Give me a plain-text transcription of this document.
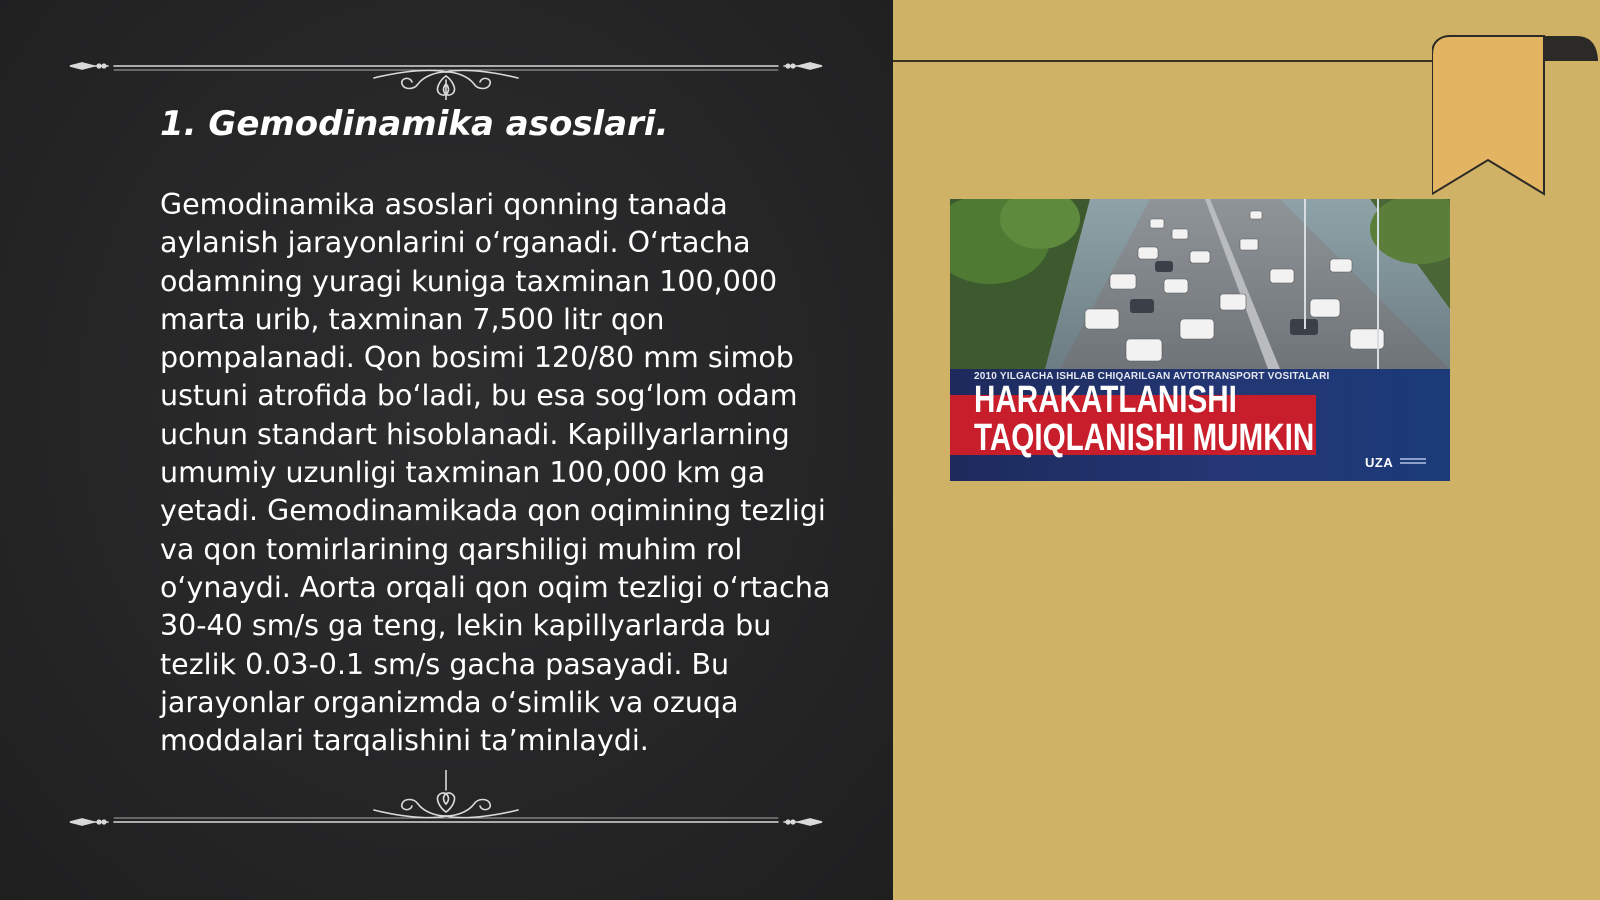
1. Gemodinamika asoslari.

Gemodinamika asoslari qonning tanada aylanish jarayonlarini o‘rganadi. O‘rtacha odamning yuragi kuniga taxminan 100,000 marta urib, taxminan 7,500 litr qon pompalanadi. Qon bosimi 120/80 mm simob ustuni atrofida bo‘ladi, bu esa sog‘lom odam uchun standart hisoblanadi. Kapillyarlarning umumiy uzunligi taxminan 100,000 km ga yetadi. Gemodinamikada qon oqimining tezligi va qon tomirlarining qarshiligi muhim rol o‘ynaydi. Aorta orqali qon oqim tezligi o‘rtacha 30-40 sm/s ga teng, lekin kapillyarlarda bu tezlik 0.03-0.1 sm/s gacha pasayadi. Bu jarayonlar organizmda o‘simlik va ozuqa moddalari tarqalishini ta’minlaydi.

2010 YILGACHA ISHLAB CHIQARILGAN AVTOTRANSPORT VOSITALARI
HARAKATLANISHI
TAQIQLANISHI MUMKIN
UZA
